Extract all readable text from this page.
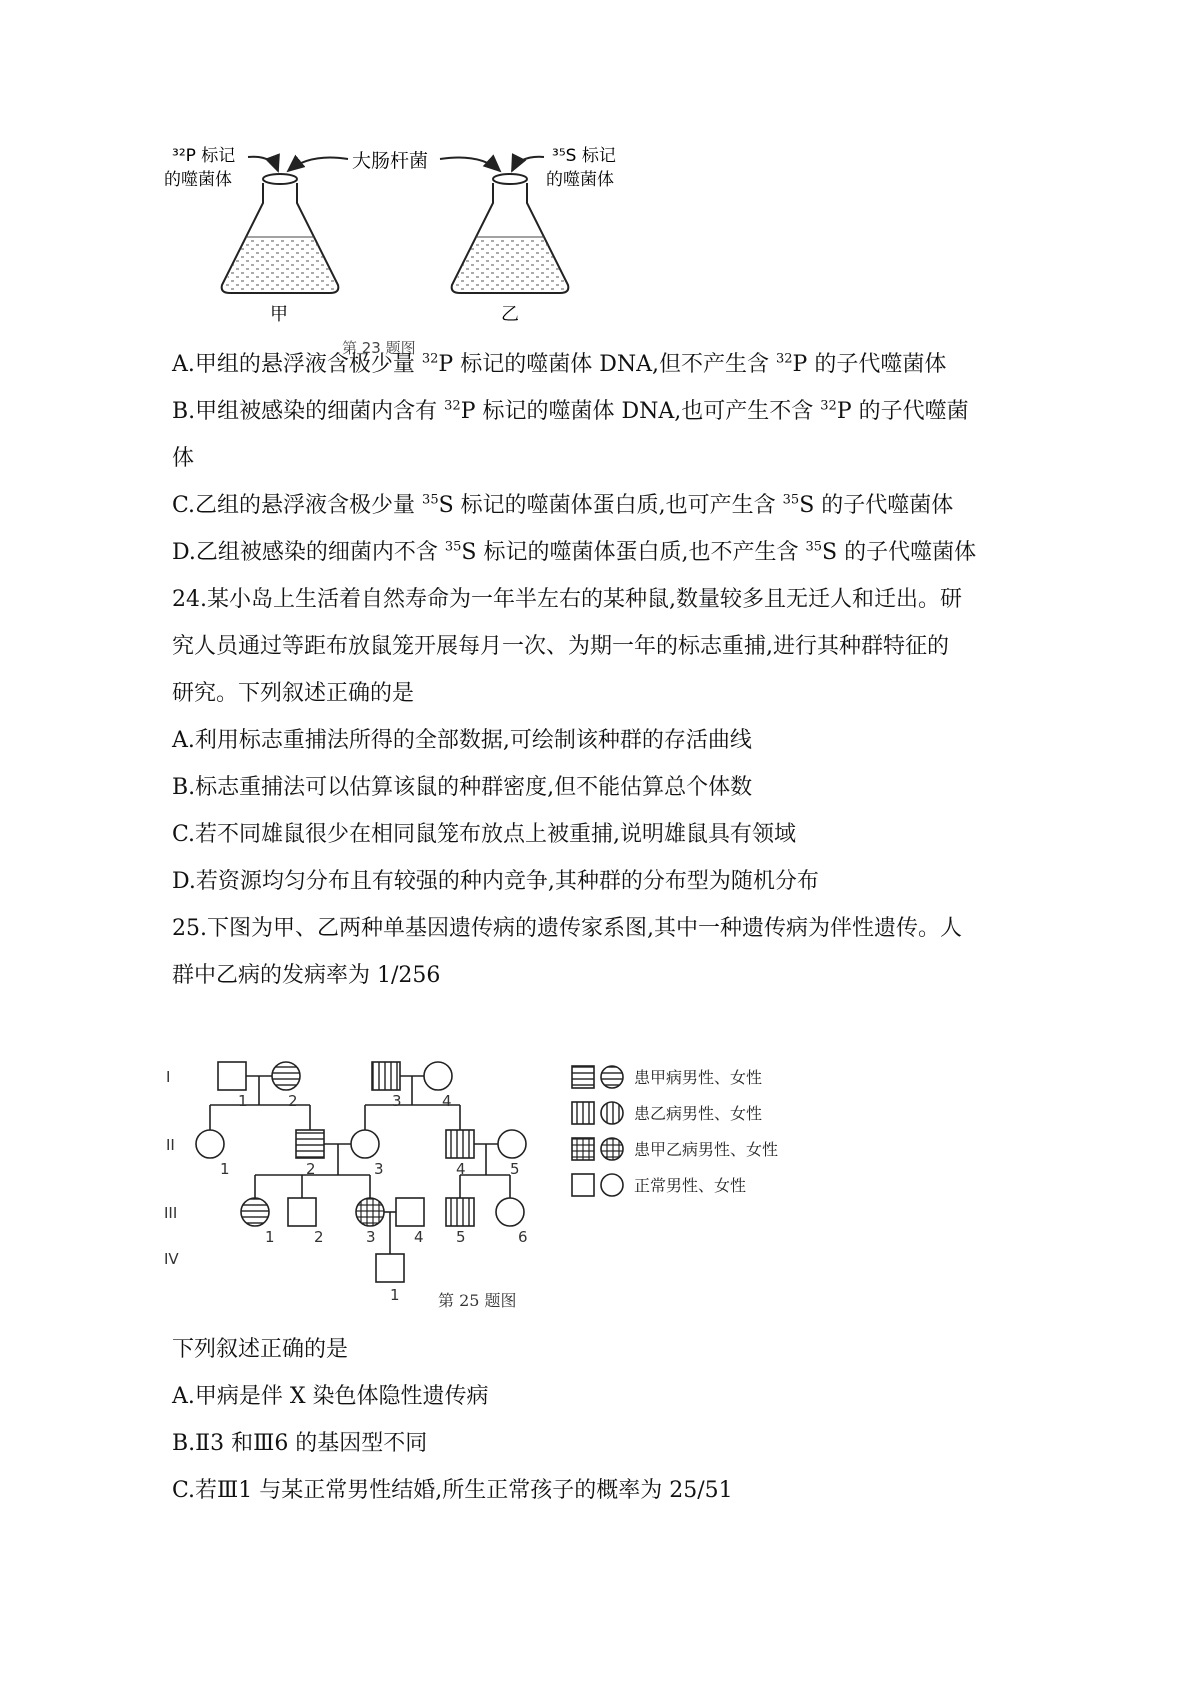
³²P 标记
的噬菌体
大肠杆菌	³⁵S 标记
的噬菌体
甲	乙
第 23 题图
A.甲组的悬浮液含极少量 $^{32}$P 标记的噬菌体 DNA,但不产生含 $^{32}$P 的子代噬菌体
B.甲组被感染的细菌内含有 $^{32}$P 标记的噬菌体 DNA,也可产生不含 $^{32}$P 的子代噬菌
体
C.乙组的悬浮液含极少量 $^{35}$S 标记的噬菌体蛋白质,也可产生含 $^{35}$S 的子代噬菌体
D.乙组被感染的细菌内不含 $^{35}$S 标记的噬菌体蛋白质,也不产生含 $^{35}$S 的子代噬菌体
24.某小岛上生活着自然寿命为一年半左右的某种鼠,数量较多且无迁人和迁出。研
究人员通过等距布放鼠笼开展每月一次、为期一年的标志重捕,进行其种群特征的
研究。下列叙述正确的是
A.利用标志重捕法所得的全部数据,可绘制该种群的存活曲线
B.标志重捕法可以估算该鼠的种群密度,但不能估算总个体数
C.若不同雄鼠很少在相同鼠笼布放点上被重捕,说明雄鼠具有领域
D.若资源均匀分布且有较强的种内竞争,其种群的分布型为随机分布
25.下图为甲、乙两种单基因遗传病的遗传家系图,其中一种遗传病为伴性遗传。人
群中乙病的发病率为 1/256
I
II
III
IV
1	2	3	4
1	2	3	4	5
1	2	3	4 5	6
1
患甲病男性、女性
患乙病男性、女性
患甲乙病男性、女性
正常男性、女性
第 25 题图
下列叙述正确的是
A.甲病是伴 X 染色体隐性遗传病
B.Ⅱ3 和Ⅲ6 的基因型不同
C.若Ⅲ1 与某正常男性结婚,所生正常孩子的概率为 25/51
